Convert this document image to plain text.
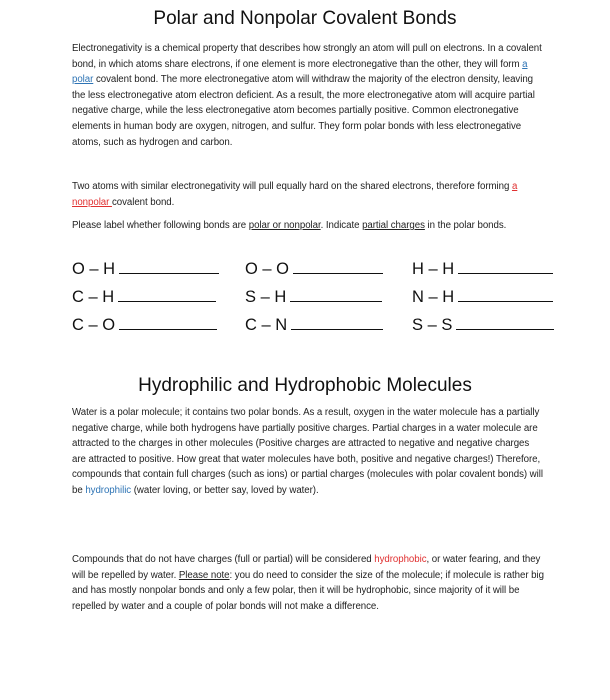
Polar and Nonpolar Covalent Bonds
Electronegativity is a chemical property that describes how strongly an atom will pull on electrons. In a covalent bond, in which atoms share electrons, if one element is more electronegative than the other, they will form a polar covalent bond. The more electronegative atom will withdraw the majority of the electron density, leaving the less electronegative atom electron deficient. As a result, the more electronegative atom will acquire partial negative charge, while the less electronegative atom becomes partially positive. Common electronegative elements in human body are oxygen, nitrogen, and sulfur. They form polar bonds with less electronegative atoms, such as hydrogen and carbon.
Two atoms with similar electronegativity will pull equally hard on the shared electrons, therefore forming a nonpolar covalent bond.
Please label whether following bonds are polar or nonpolar. Indicate partial charges in the polar bonds.
O – H	O – O	H – H
C – H	S – H	N – H
C – O	C – N	S – S
Hydrophilic and Hydrophobic Molecules
Water is a polar molecule; it contains two polar bonds. As a result, oxygen in the water molecule has a partially negative charge, while both hydrogens have partially positive charges. Partial charges in a water molecule are attracted to the charges in other molecules (Positive charges are attracted to negative and negative charges are attracted to positive. How great that water molecules have both, positive and negative charges!) Therefore, compounds that contain full charges (such as ions) or partial charges (molecules with polar covalent bonds) will be hydrophilic (water loving, or better say, loved by water).
Compounds that do not have charges (full or partial) will be considered hydrophobic, or water fearing, and they will be repelled by water. Please note: you do need to consider the size of the molecule; if molecule is rather big and has mostly nonpolar bonds and only a few polar, then it will be hydrophobic, since majority of it will be repelled by water and a couple of polar bonds will not make a difference.
